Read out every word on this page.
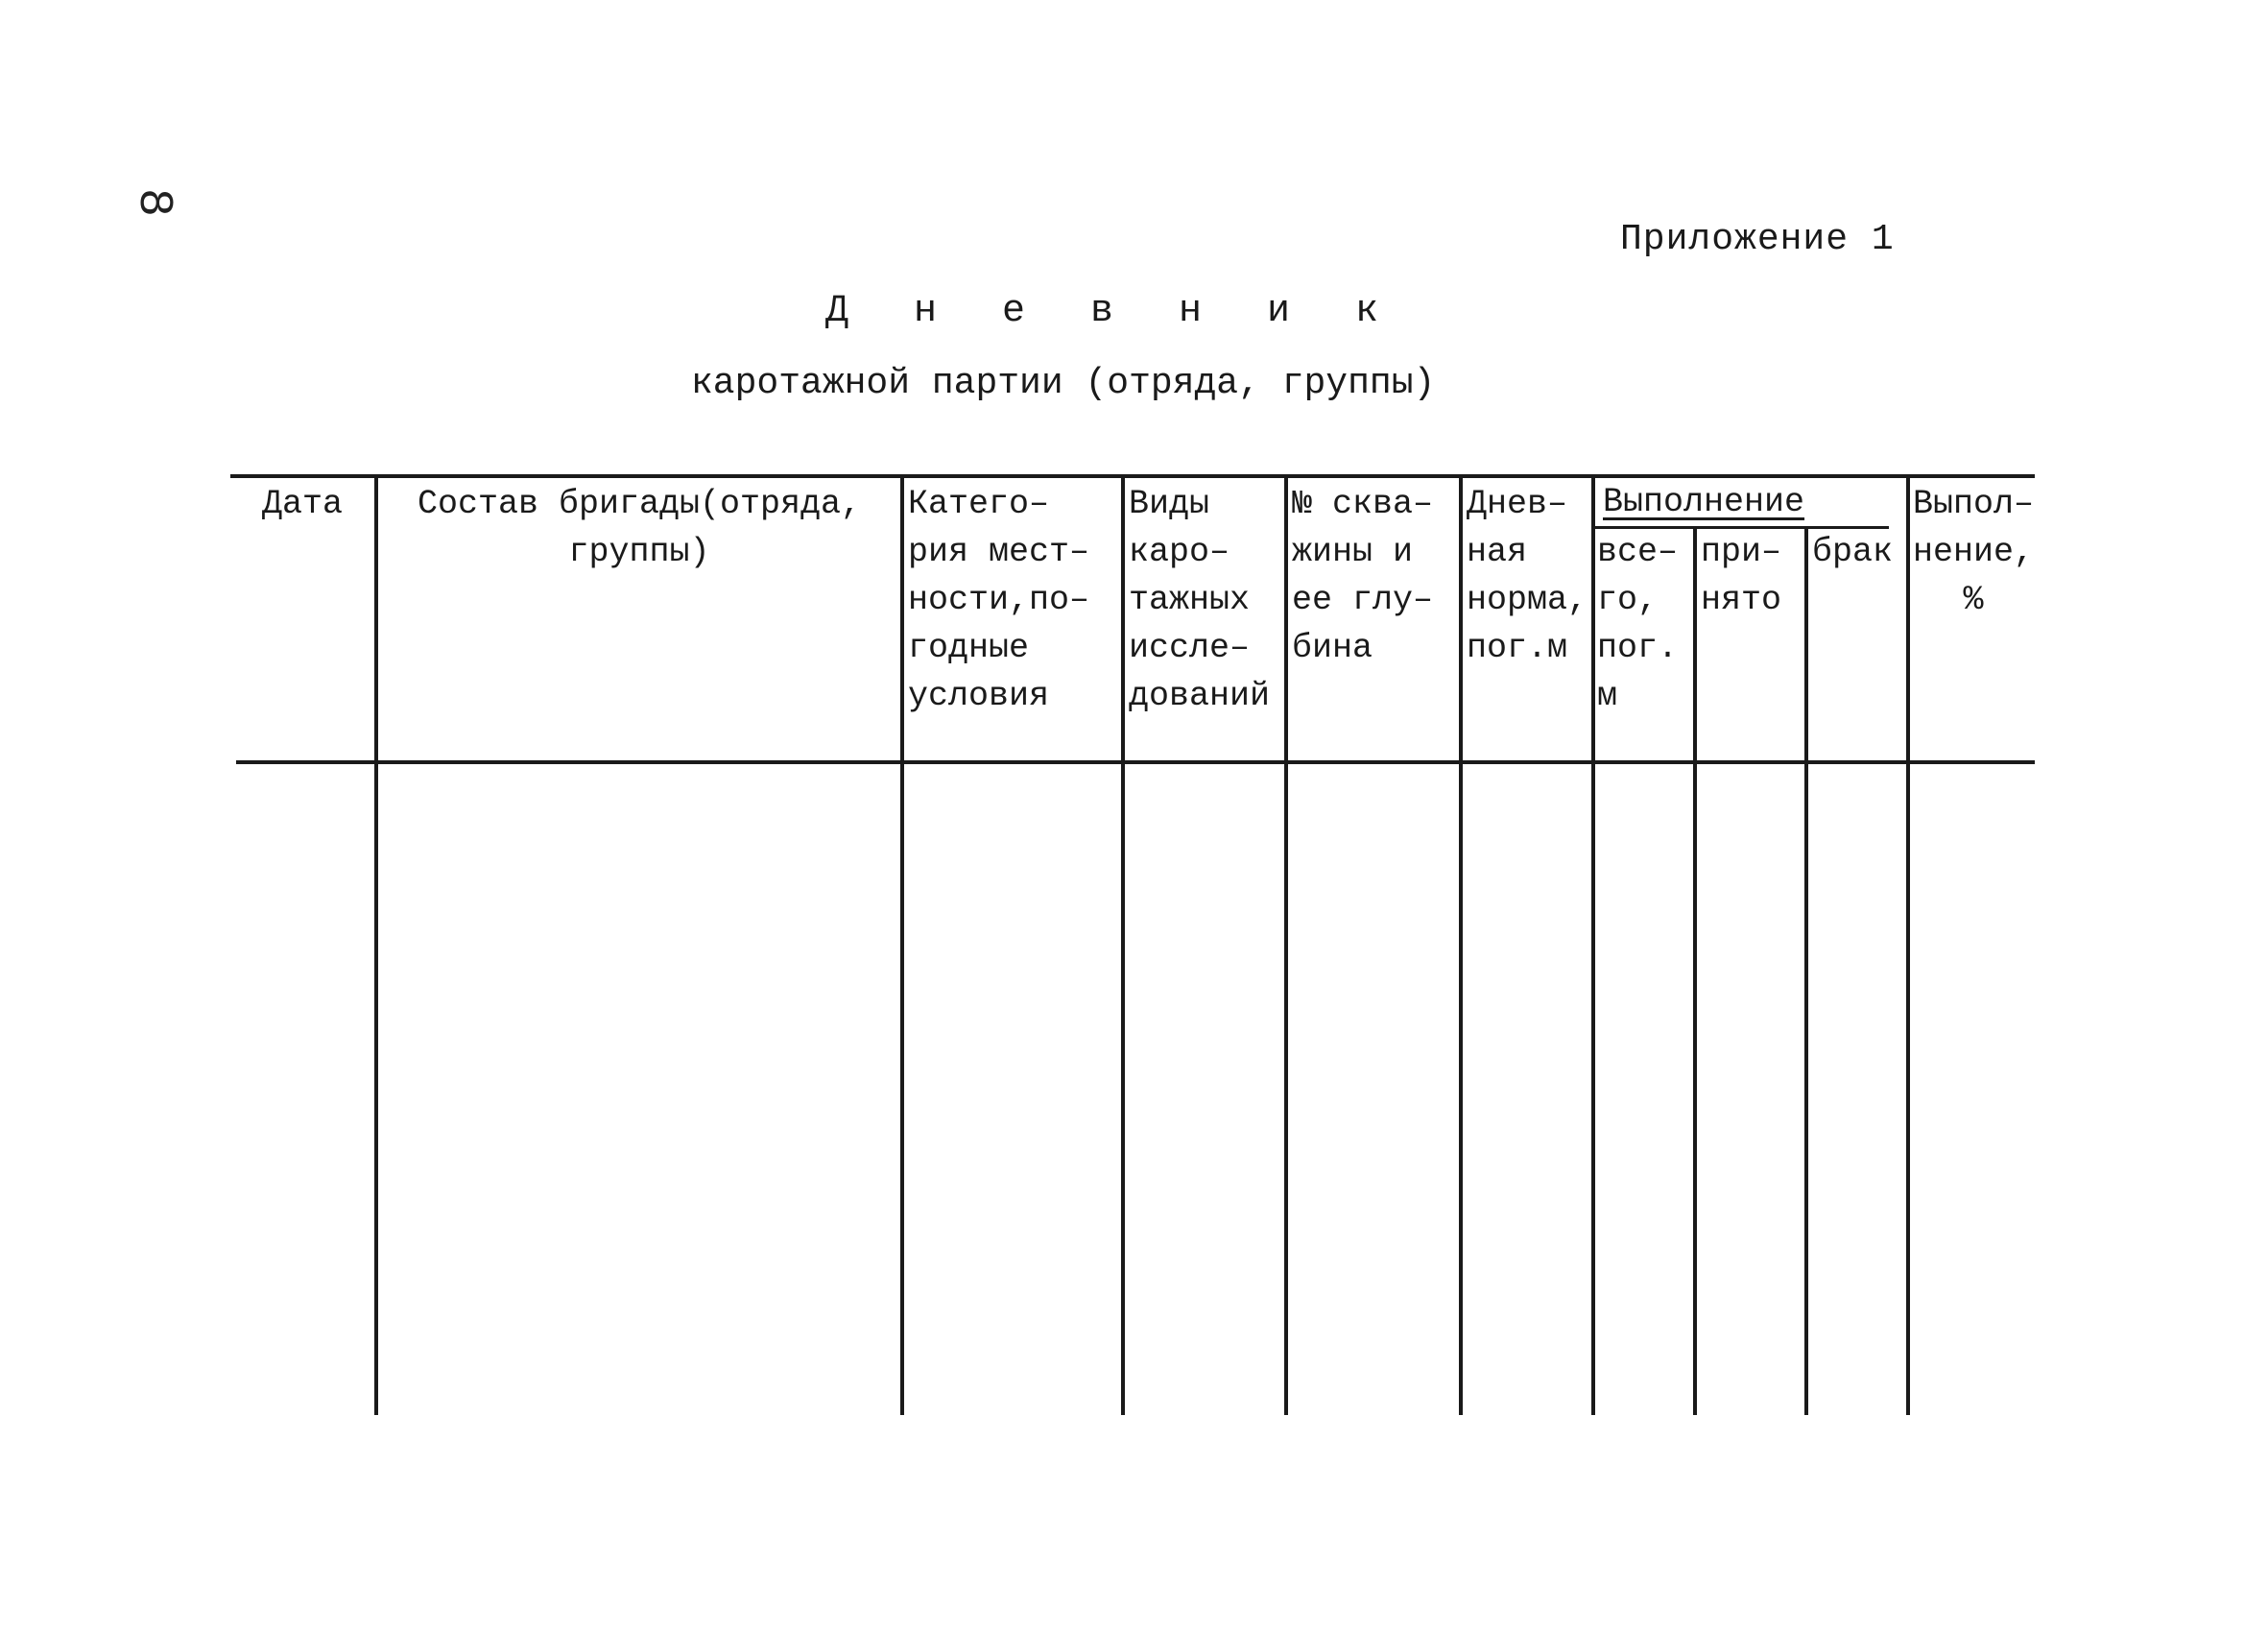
8
Приложение 1
Д н е в н и к
каротажной партии (отряда, группы)
Дата	Состав бригады(отряда,
группы)
Катего–
рия мест–
ности,по–
годные
условия
Виды
каро–
тажных
иссле–
дований
№ сква–
жины и
ее глу–
бина
Днев–
ная
норма,
пог.м
Выполнение
все–
го,
пог.
м
при–
нято
брак
Выпол–
нение,
%
